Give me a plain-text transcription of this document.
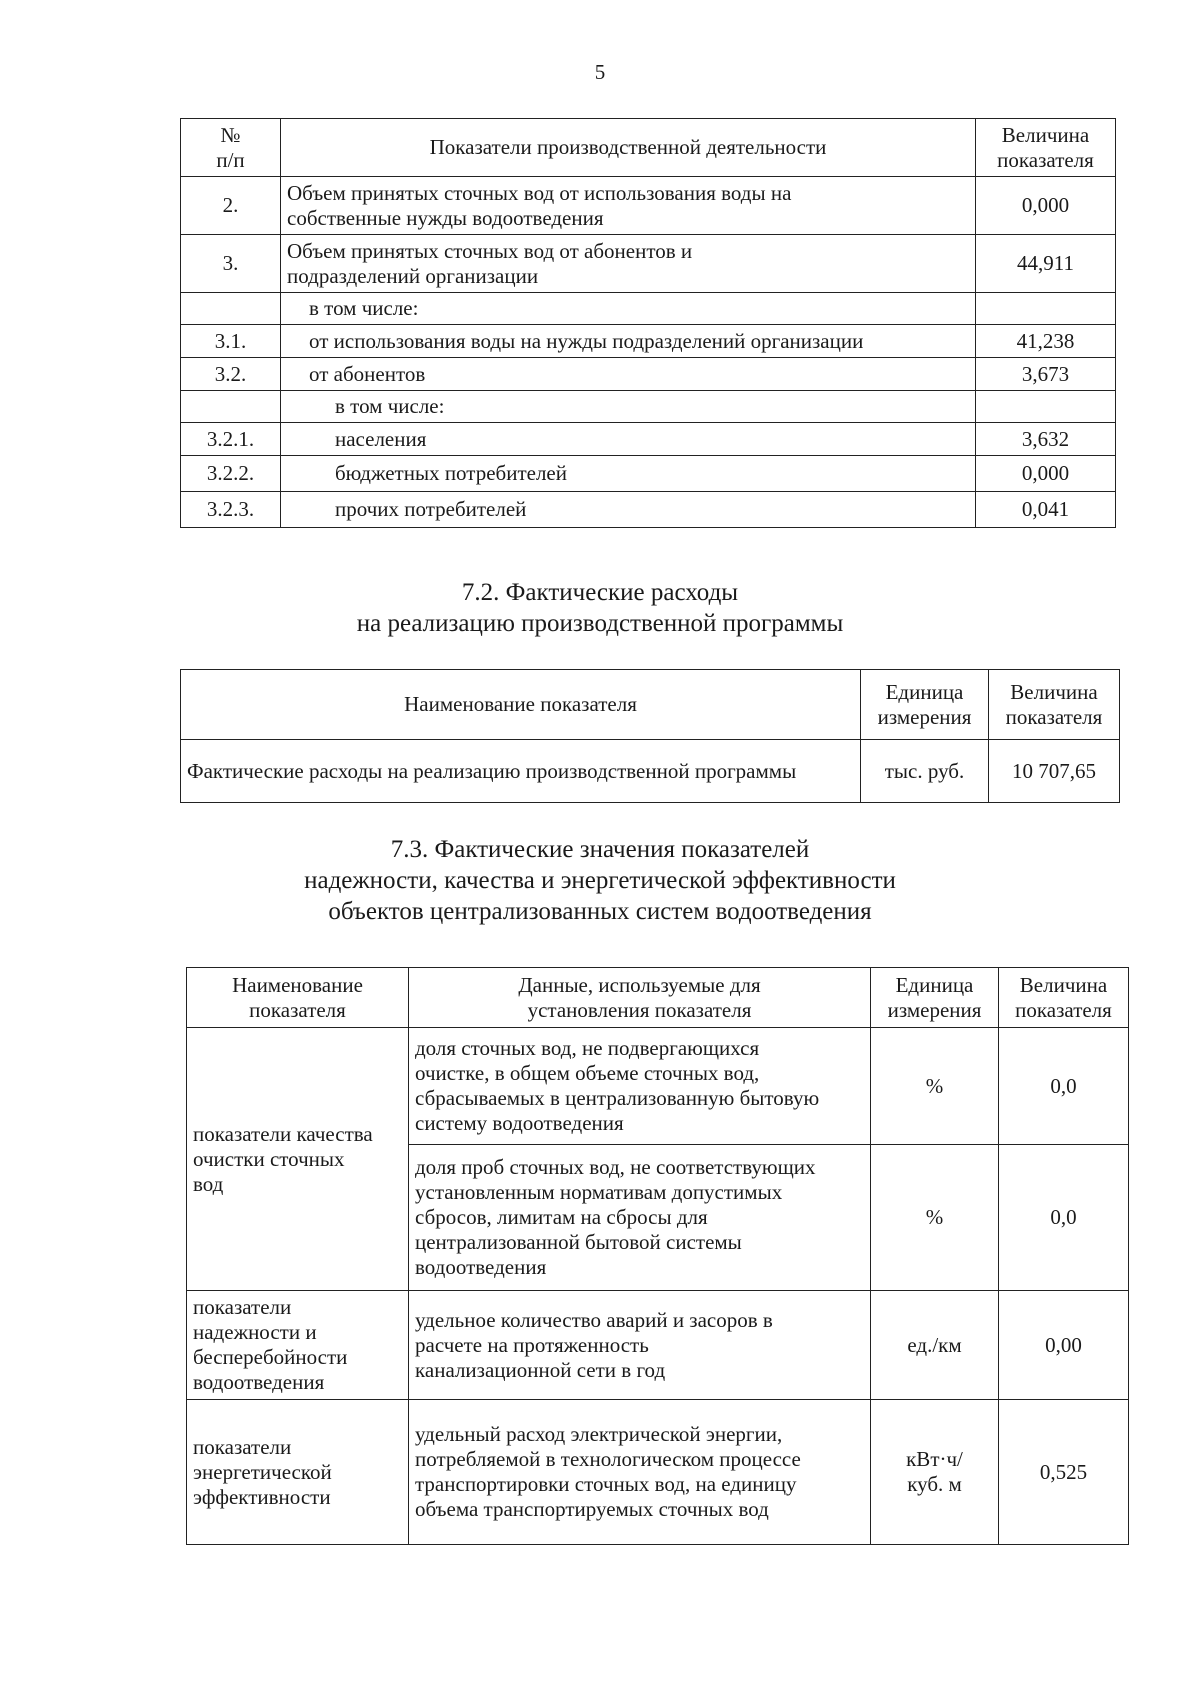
5
№ п/п	Показатели производственной деятельности	Величина показателя
2.	Объем принятых сточных вод от использования воды на собственные нужды водоотведения	0,000
3.	Объем принятых сточных вод от абонентов и подразделений организации	44,911
	в том числе:	
3.1.	от использования воды на нужды подразделений организации	41,238
3.2.	от абонентов	3,673
	в том числе:	
3.2.1.	населения	3,632
3.2.2.	бюджетных потребителей	0,000
3.2.3.	прочих потребителей	0,041
7.2. Фактические расходы
на реализацию производственной программы
Наименование показателя	Единица измерения	Величина показателя
Фактические расходы на реализацию производственной программы	тыс. руб.	10 707,65
7.3. Фактические значения показателей
надежности, качества и энергетической эффективности
объектов централизованных систем водоотведения
Наименование показателя	Данные, используемые для установления показателя	Единица измерения	Величина показателя
показатели качества очистки сточных вод	доля сточных вод, не подвергающихся очистке, в общем объеме сточных вод, сбрасываемых в централизованную бытовую систему водоотведения	%	0,0
	доля проб сточных вод, не соответствующих установленным нормативам допустимых сбросов, лимитам на сбросы для централизованной бытовой системы водоотведения	%	0,0
показатели надежности и бесперебойности водоотведения	удельное количество аварий и засоров в расчете на протяженность канализационной сети в год	ед./км	0,00
показатели энергетической эффективности	удельный расход электрической энергии, потребляемой в технологическом процессе транспортировки сточных вод, на единицу объема транспортируемых сточных вод	кВт·ч/ куб. м	0,525
